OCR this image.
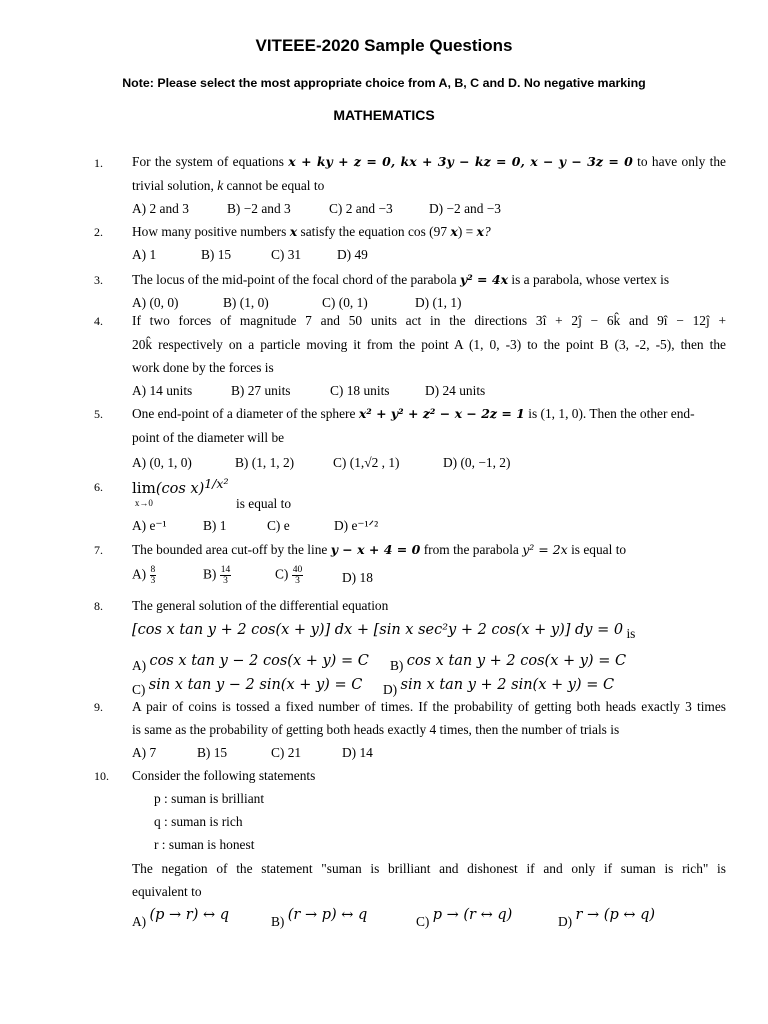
VITEEE-2020 Sample Questions
Note: Please select the most appropriate choice from A, B, C and D. No negative marking
MATHEMATICS
1. For the system of equations x + ky + z = 0, kx + 3y − kz = 0, x − y − 3z = 0 to have only the
trivial solution, k cannot be equal to
A) 2 and 3	B) −2 and 3	C) 2 and −3	D) −2 and −3
2. How many positive numbers x satisfy the equation cos (97 x) = x?
A) 1	B) 15	C) 31	D) 49
3. The locus of the mid-point of the focal chord of the parabola y² = 4x is a parabola, whose vertex is
A) (0, 0)	B) (1, 0)	C) (0, 1)	D) (1, 1)
4. If two forces of magnitude 7 and 50 units act in the directions 3î + 2ĵ − 6k̂ and 9î − 12ĵ +
20k̂ respectively on a particle moving it from the point A (1, 0, -3) to the point B (3, -2, -5), then the
work done by the forces is
A) 14 units	B) 27 units	C) 18 units	D) 24 units
5. One end-point of a diameter of the sphere x² + y² + z² − x − 2z = 1 is (1, 1, 0). Then the other end-
point of the diameter will be
A) (0, 1, 0)	B) (1, 1, 2)	C) (1,√2 , 1)	D) (0, −1, 2)
6. lim
x→0
(cos x)$^{1/x^2}$
is equal to
A) e⁻¹	B) 1	C) e	D) e⁻¹ᐟ²
7. The bounded area cut-off by the line y − x + 4 = 0 from the parabola y² = 2x is equal to
$A) \frac{8}{3}$	$B) \frac{14}{3}$	$C) \frac{40}{3}$	D) 18
8. The general solution of the differential equation
[cos x tan y + 2 cos(x + y)] dx + [sin x sec²y + 2 cos(x + y)] dy = 0 is
A) cos x tan y − 2 cos(x + y) = C B) cos x tan y + 2 cos(x + y) = C
C) sin x tan y − 2 sin(x + y) = C D) sin x tan y + 2 sin(x + y) = C
9. A pair of coins is tossed a fixed number of times. If the probability of getting both heads exactly 3 times
is same as the probability of getting both heads exactly 4 times, then the number of trials is
A) 7	B) 15	C) 21	D) 14
10. Consider the following statements
p : suman is brilliant
q : suman is rich
r : suman is honest
The negation of the statement "suman is brilliant and dishonest if and only if suman is rich" is
equivalent to
A) (p → r) ↔ q	B) (r → p) ↔ q	C) p → (r ↔ q)	D) r → (p ↔ q)
